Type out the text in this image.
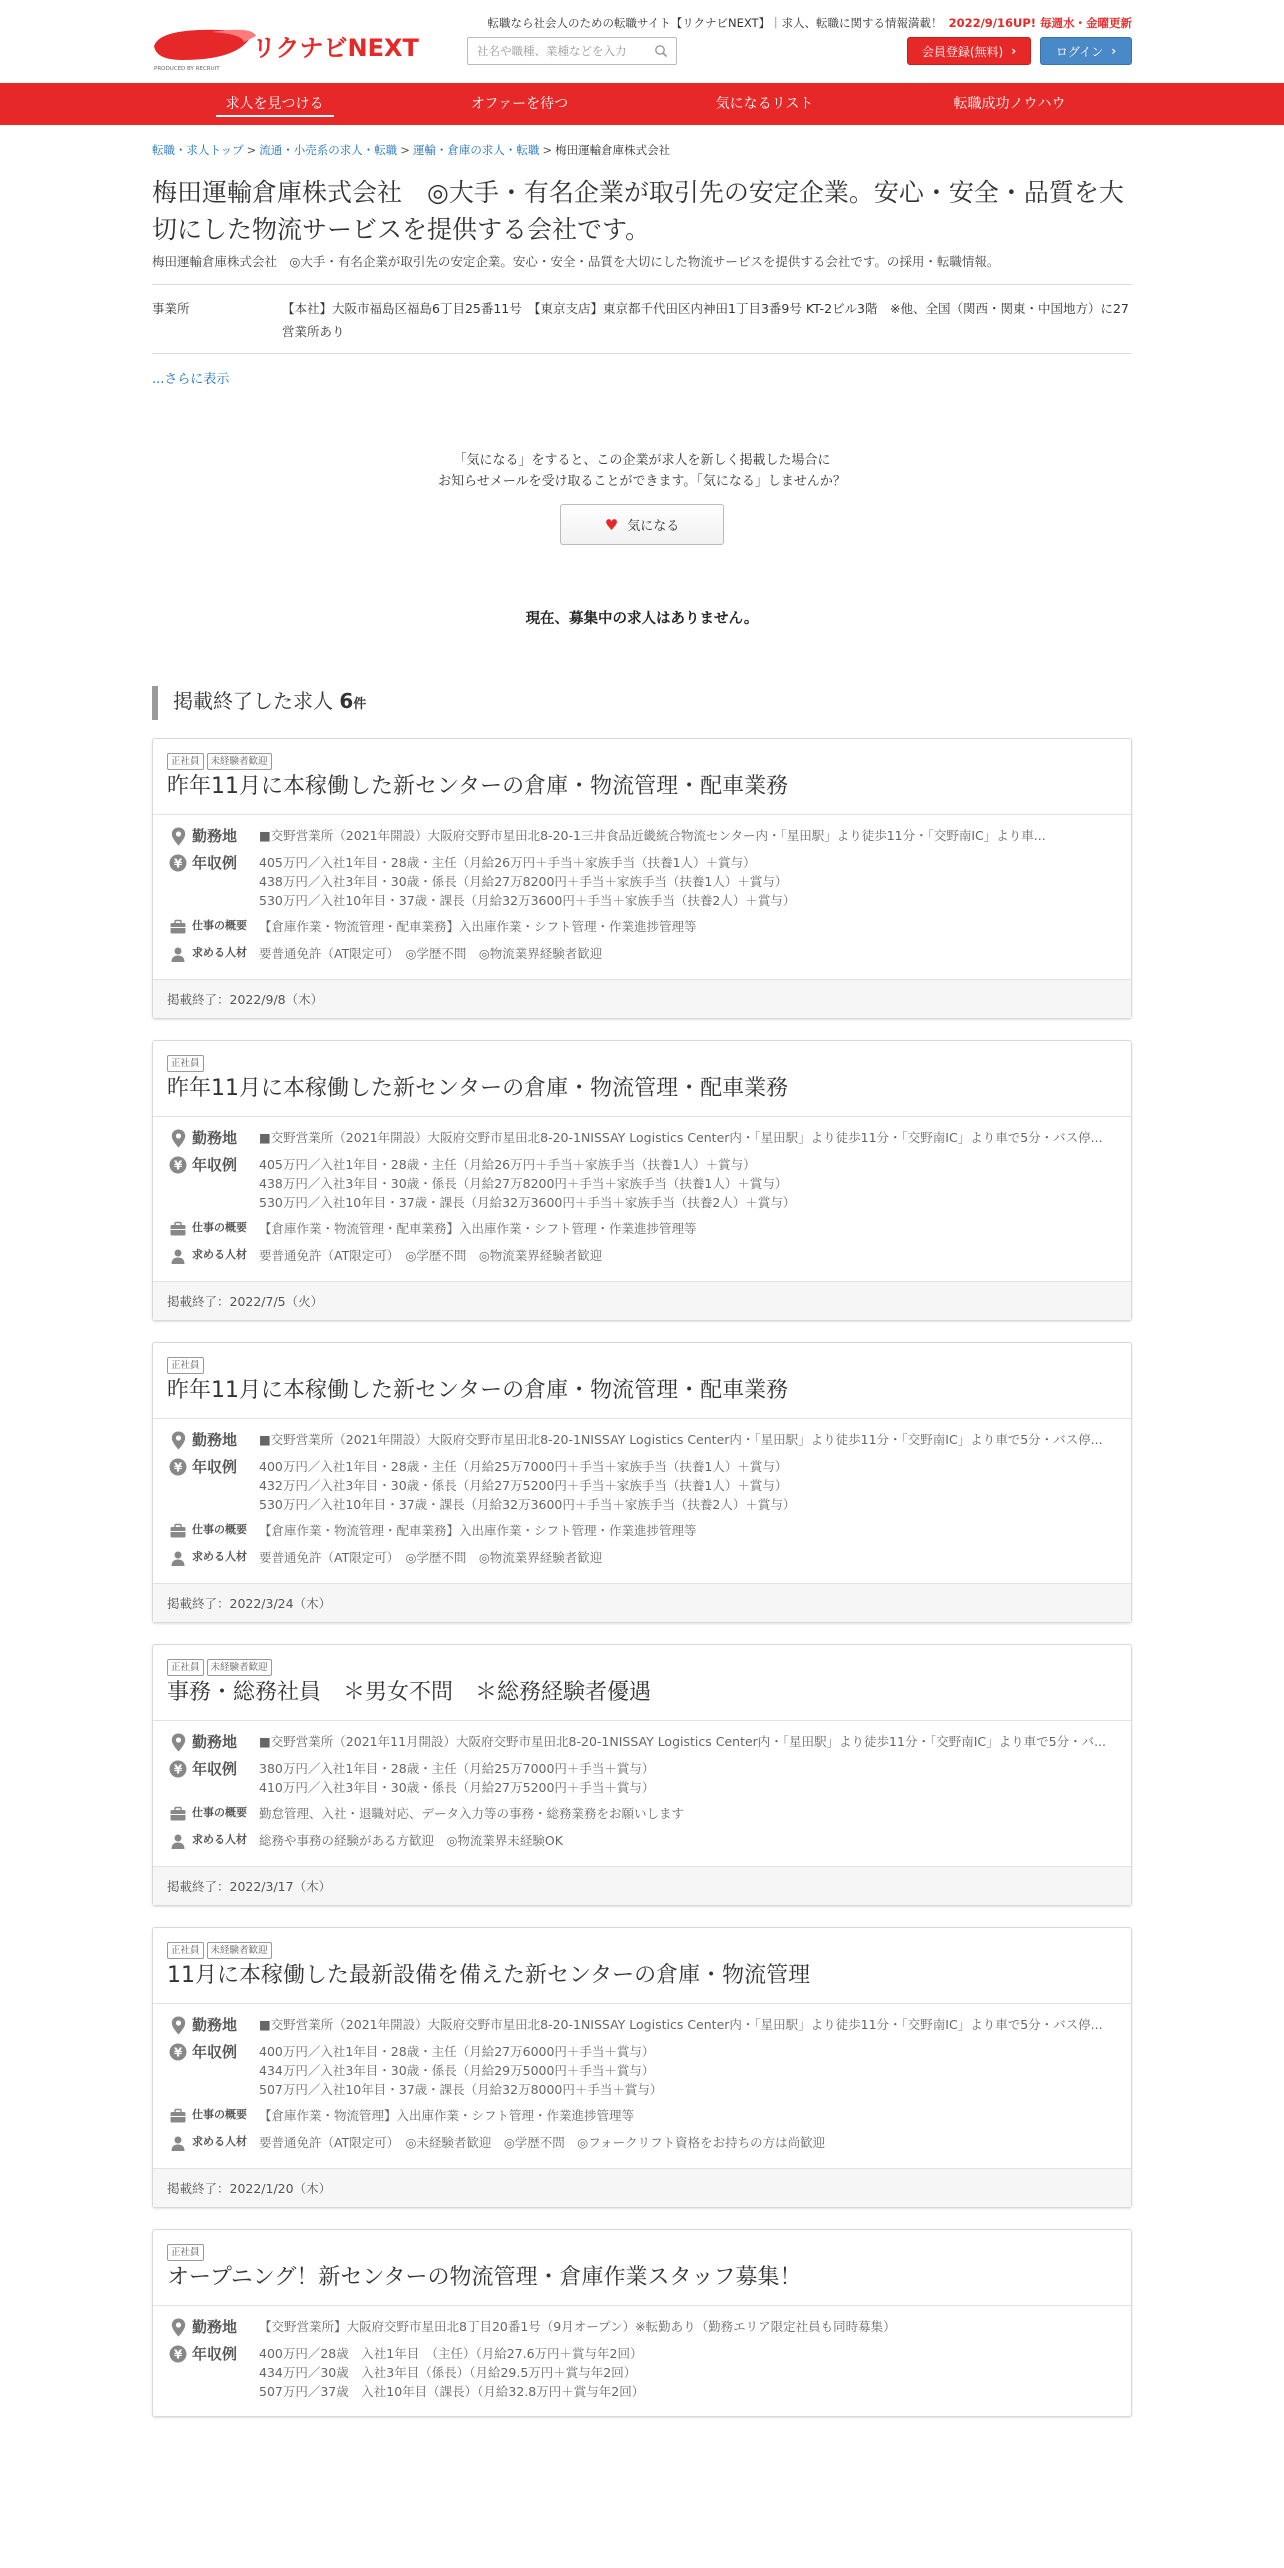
リクナビNEXT
PRODUCED BY RECRUIT
転職なら社会人のための転職サイト【リクナビNEXT】｜求人、転職に関する情報満載！ 2022/9/16UP! 毎週水・金曜更新
社名や職種、業種などを入力
会員登録(無料) ›	ログイン ›
求人を見つける	オファーを待つ	気になるリスト	転職成功ノウハウ
転職・求人トップ > 流通・小売系の求人・転職 > 運輸・倉庫の求人・転職 > 梅田運輸倉庫株式会社
梅田運輸倉庫株式会社　◎大手・有名企業が取引先の安定企業。安心・安全・品質を大切にした物流サービスを提供する会社です。
梅田運輸倉庫株式会社　◎大手・有名企業が取引先の安定企業。安心・安全・品質を大切にした物流サービスを提供する会社です。の採用・転職情報。
事業所	【本社】大阪市福島区福島6丁目25番11号　【東京支店】東京都千代田区内神田1丁目3番9号 KT-2ビル3階　※他、全国（関西・関東・中国地方）に27営業所あり
...さらに表示
「気になる」をすると、この企業が求人を新しく掲載した場合に
お知らせメールを受け取ることができます。「気になる」しませんか？
♥ 気になる
現在、募集中の求人はありません。
掲載終了した求人 6件
正社員	未経験者歓迎
昨年11月に本稼働した新センターの倉庫・物流管理・配車業務
勤務地 ■交野営業所（2021年開設）大阪府交野市星田北8-20-1三井食品近畿統合物流センター内・「星田駅」より徒歩11分・「交野南IC」より車...
¥ 年収例 405万円／入社1年目・28歳・主任（月給26万円＋手当＋家族手当（扶養1人）＋賞与）
438万円／入社3年目・30歳・係長（月給27万8200円＋手当＋家族手当（扶養1人）＋賞与）
530万円／入社10年目・37歳・課長（月給32万3600円＋手当＋家族手当（扶養2人）＋賞与）
仕事の概要 【倉庫作業・物流管理・配車業務】入出庫作業・シフト管理・作業進捗管理等
求める人材 要普通免許（AT限定可）　◎学歴不問　◎物流業界経験者歓迎
掲載終了：2022/9/8（木）
正社員
昨年11月に本稼働した新センターの倉庫・物流管理・配車業務
勤務地 ■交野営業所（2021年開設）大阪府交野市星田北8-20-1NISSAY Logistics Center内・「星田駅」より徒歩11分・「交野南IC」より車で5分・バス停...
¥ 年収例 405万円／入社1年目・28歳・主任（月給26万円＋手当＋家族手当（扶養1人）＋賞与）
438万円／入社3年目・30歳・係長（月給27万8200円＋手当＋家族手当（扶養1人）＋賞与）
530万円／入社10年目・37歳・課長（月給32万3600円＋手当＋家族手当（扶養2人）＋賞与）
仕事の概要 【倉庫作業・物流管理・配車業務】入出庫作業・シフト管理・作業進捗管理等
求める人材 要普通免許（AT限定可）　◎学歴不問　◎物流業界経験者歓迎
掲載終了：2022/7/5（火）
正社員
昨年11月に本稼働した新センターの倉庫・物流管理・配車業務
勤務地 ■交野営業所（2021年開設）大阪府交野市星田北8-20-1NISSAY Logistics Center内・「星田駅」より徒歩11分・「交野南IC」より車で5分・バス停...
¥ 年収例 400万円／入社1年目・28歳・主任（月給25万7000円＋手当＋家族手当（扶養1人）＋賞与）
432万円／入社3年目・30歳・係長（月給27万5200円＋手当＋家族手当（扶養1人）＋賞与）
530万円／入社10年目・37歳・課長（月給32万3600円＋手当＋家族手当（扶養2人）＋賞与）
仕事の概要 【倉庫作業・物流管理・配車業務】入出庫作業・シフト管理・作業進捗管理等
求める人材 要普通免許（AT限定可）　◎学歴不問　◎物流業界経験者歓迎
掲載終了：2022/3/24（木）
正社員	未経験者歓迎
事務・総務社員　＊男女不問　＊総務経験者優遇
勤務地 ■交野営業所（2021年11月開設）大阪府交野市星田北8-20-1NISSAY Logistics Center内・「星田駅」より徒歩11分・「交野南IC」より車で5分・バ...
¥ 年収例 380万円／入社1年目・28歳・主任（月給25万7000円＋手当＋賞与）
410万円／入社3年目・30歳・係長（月給27万5200円＋手当＋賞与）
仕事の概要 勤怠管理、入社・退職対応、データ入力等の事務・総務業務をお願いします
求める人材 総務や事務の経験がある方歓迎　◎物流業界未経験OK
掲載終了：2022/3/17（木）
正社員	未経験者歓迎
11月に本稼働した最新設備を備えた新センターの倉庫・物流管理
勤務地 ■交野営業所（2021年開設）大阪府交野市星田北8-20-1NISSAY Logistics Center内・「星田駅」より徒歩11分・「交野南IC」より車で5分・バス停...
¥ 年収例 400万円／入社1年目・28歳・主任（月給27万6000円＋手当＋賞与）
434万円／入社3年目・30歳・係長（月給29万5000円＋手当＋賞与）
507万円／入社10年目・37歳・課長（月給32万8000円＋手当＋賞与）
仕事の概要 【倉庫作業・物流管理】入出庫作業・シフト管理・作業進捗管理等
求める人材 要普通免許（AT限定可）　◎未経験者歓迎　◎学歴不問　◎フォークリフト資格をお持ちの方は尚歓迎
掲載終了：2022/1/20（木）
正社員
オープニング！新センターの物流管理・倉庫作業スタッフ募集！
勤務地 【交野営業所】大阪府交野市星田北8丁目20番1号（9月オープン）※転勤あり（勤務エリア限定社員も同時募集）
¥ 年収例 400万円／28歳　入社1年目　（主任）（月給27.6万円＋賞与年2回）
434万円／30歳　入社3年目（係長）（月給29.5万円＋賞与年2回）
507万円／37歳　入社10年目（課長）（月給32.8万円＋賞与年2回）
